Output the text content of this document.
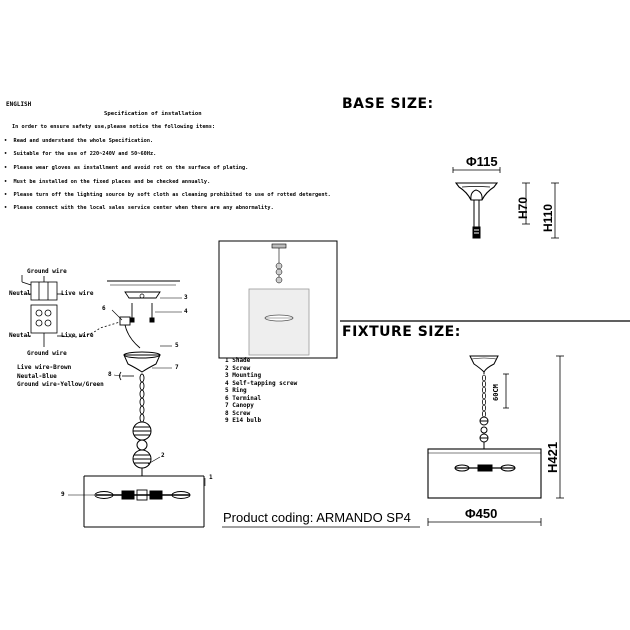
ENGLISH
Specification of installation
In order to ensure safety use,please notice the following items:
• Read and understand the whole Specification.
• Suitable for the use of 220~240V and 50~60Hz.
• Please wear gloves as installment and avoid rot on the surface of plating.
• Must be installed on the fixed places and be checked annually.
• Please turn off the lighting source by soft cloth as cleaning prohibited to use of rotted detergent.
• Please connect with the local sales service center when there are any abnormality.
BASE SIZE:
FIXTURE SIZE:
Φ115
H70 H110
60CM
H421
Φ450
Ground wire
Neutal	Live wire
Neutal	Live wire
Ground wire
Live wire-Brown
Neutal-Blue
Ground wire-Yellow/Green
1
2
3
4
5
6
7
8
9
1 Shade
2 Screw
3 Mounting
4 Self-tapping screw
5 Ring
6 Terminal
7 Canopy
8 Screw
9 E14 bulb
Product coding: ARMANDO SP4
